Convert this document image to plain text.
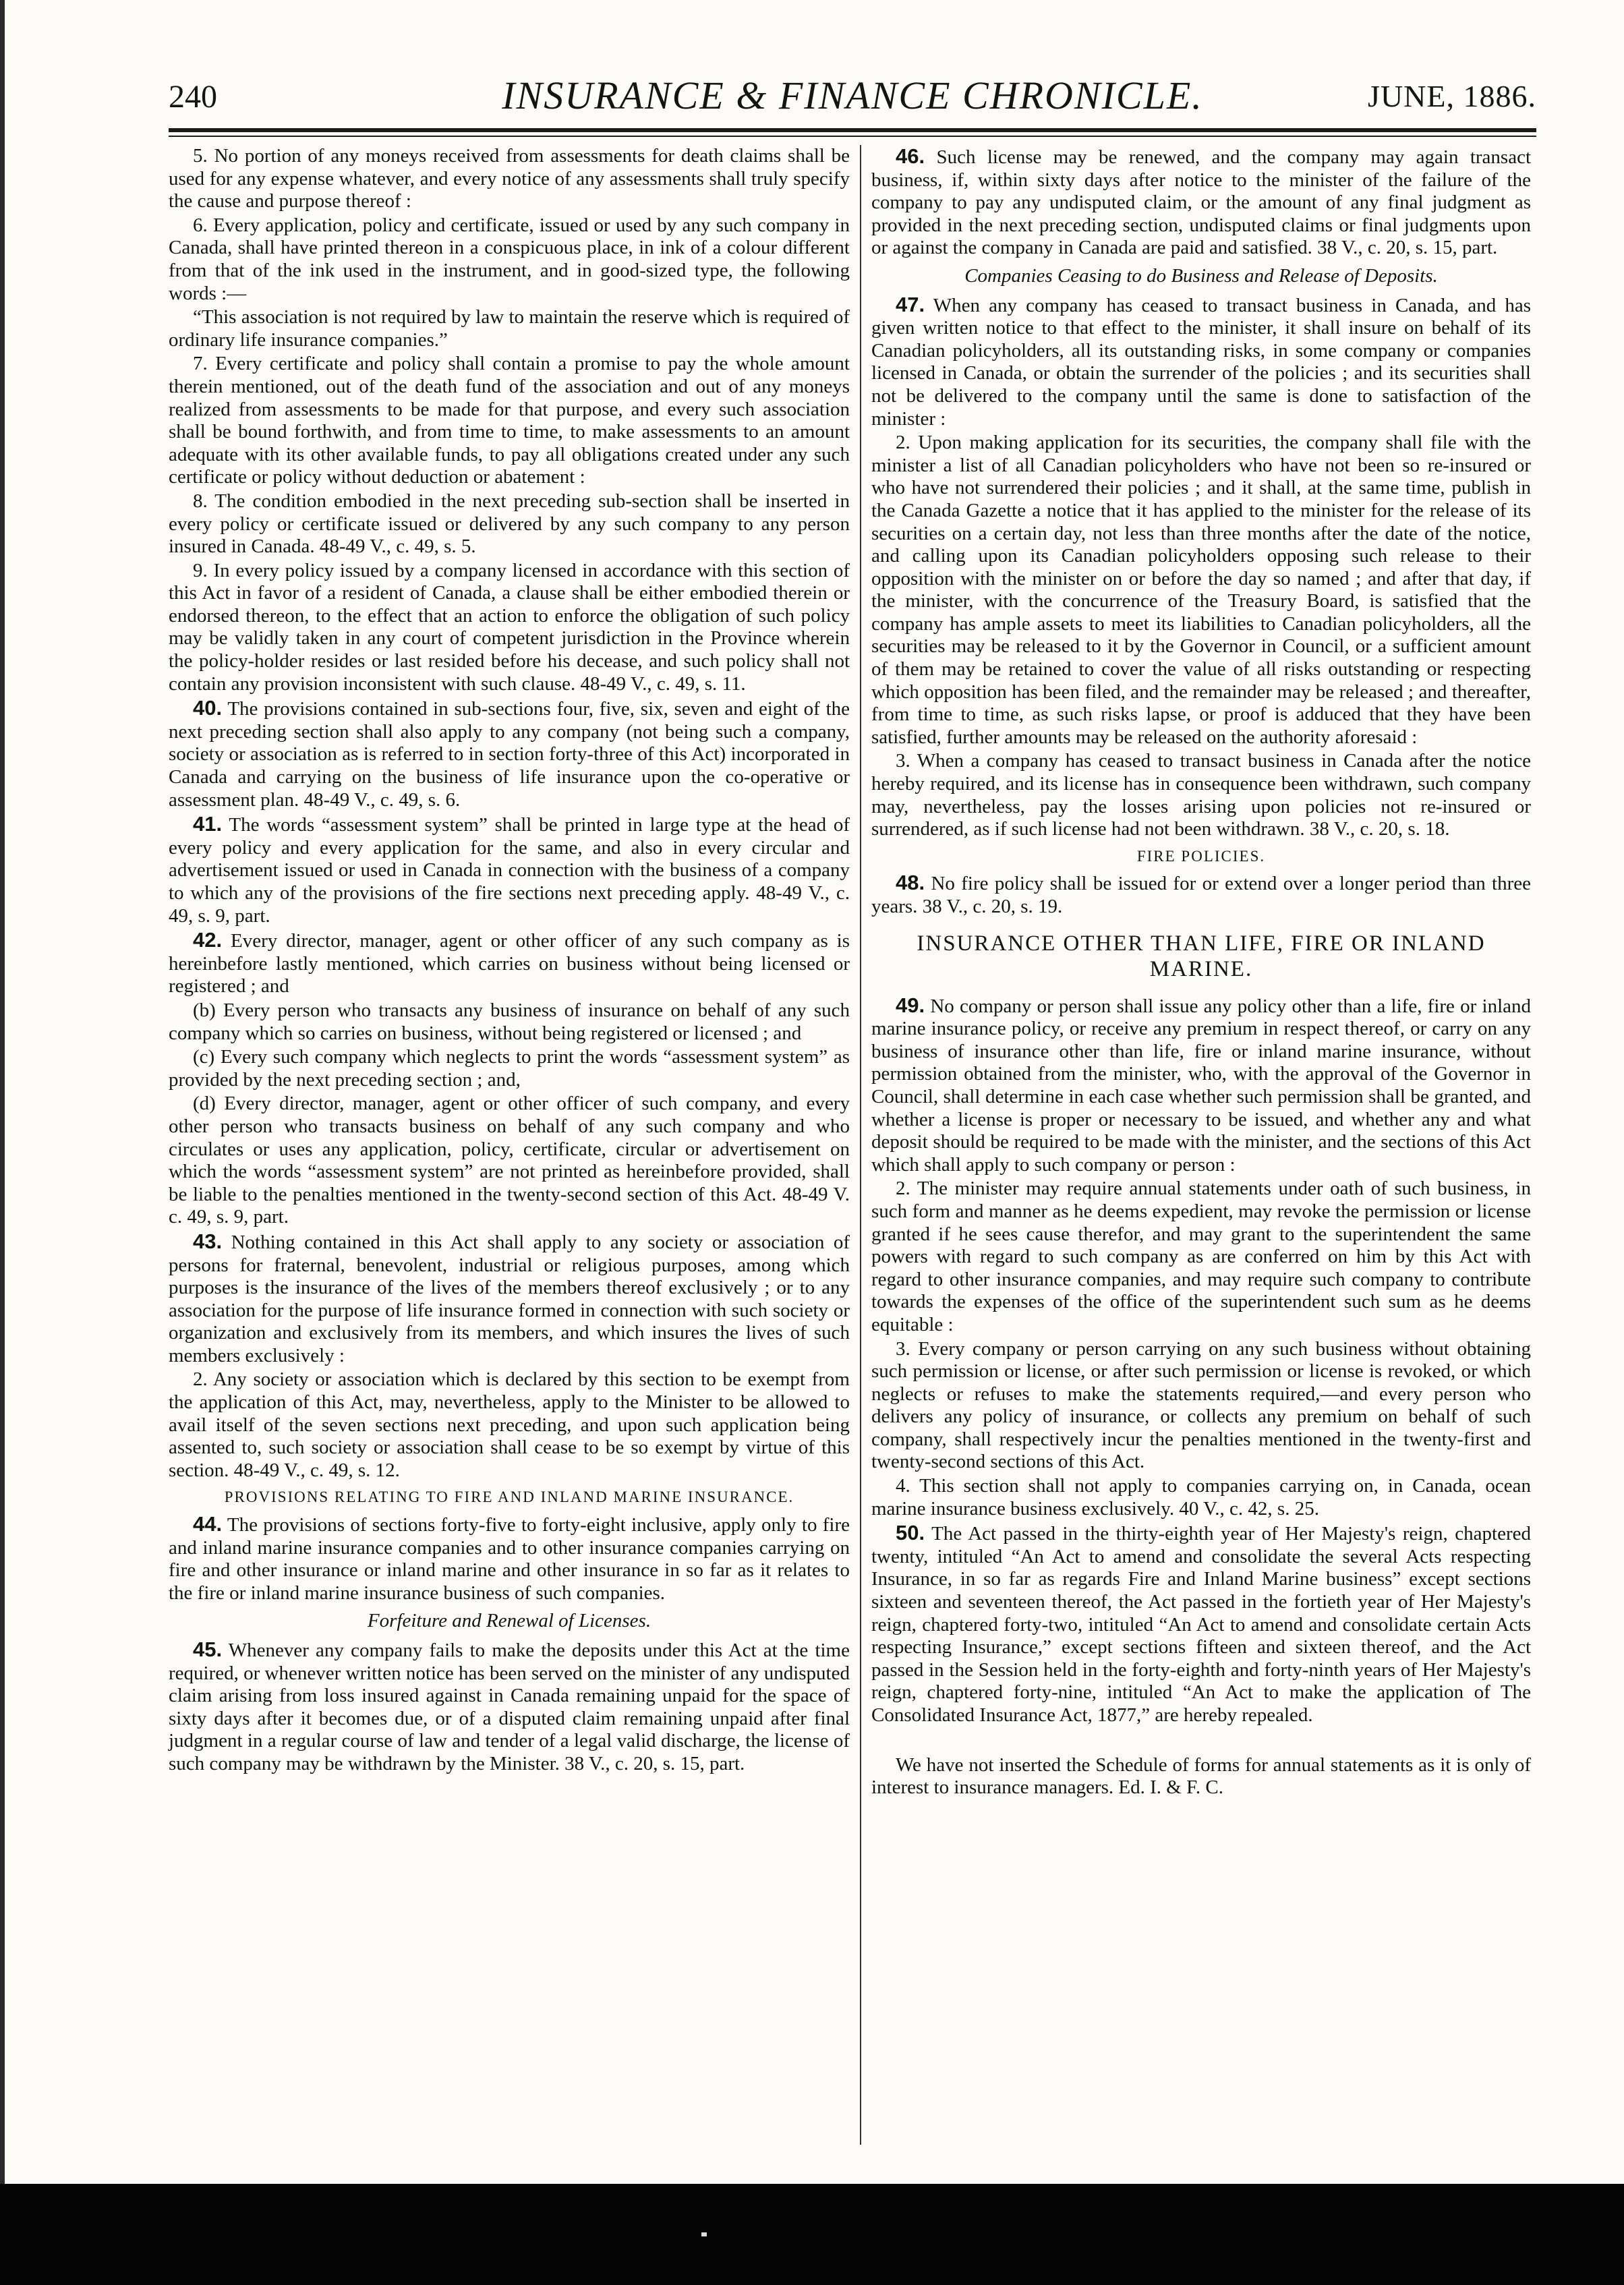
240	INSURANCE & FINANCE CHRONICLE.	JUNE, 1886.

5. No portion of any moneys received from assessments for death claims shall be used for any expense whatever, and every notice of any assessments shall truly specify the cause and purpose thereof :

6. Every application, policy and certificate, issued or used by any such company in Canada, shall have printed thereon in a conspicuous place, in ink of a colour different from that of the ink used in the instrument, and in good-sized type, the following words :—

“This association is not required by law to maintain the reserve which is required of ordinary life insurance companies.”

7. Every certificate and policy shall contain a promise to pay the whole amount therein mentioned, out of the death fund of the association and out of any moneys realized from assessments to be made for that purpose, and every such association shall be bound forthwith, and from time to time, to make assessments to an amount adequate with its other available funds, to pay all obligations created under any such certificate or policy without deduction or abatement :

8. The condition embodied in the next preceding sub-section shall be inserted in every policy or certificate issued or delivered by any such company to any person insured in Canada. 48-49 V., c. 49, s. 5.

9. In every policy issued by a company licensed in accordance with this section of this Act in favor of a resident of Canada, a clause shall be either embodied therein or endorsed thereon, to the effect that an action to enforce the obligation of such policy may be validly taken in any court of competent jurisdiction in the Province wherein the policy-holder resides or last resided before his decease, and such policy shall not contain any provision inconsistent with such clause. 48-49 V., c. 49, s. 11.

40. The provisions contained in sub-sections four, five, six, seven and eight of the next preceding section shall also apply to any company (not being such a company, society or association as is referred to in section forty-three of this Act) incorporated in Canada and carrying on the business of life insurance upon the co-operative or assessment plan. 48-49 V., c. 49, s. 6.

41. The words “assessment system” shall be printed in large type at the head of every policy and every application for the same, and also in every circular and advertisement issued or used in Canada in connection with the business of a company to which any of the provisions of the fire sections next preceding apply. 48-49 V., c. 49, s. 9, part.

42. Every director, manager, agent or other officer of any such company as is hereinbefore lastly mentioned, which carries on business without being licensed or registered ; and

(b) Every person who transacts any business of insurance on behalf of any such company which so carries on business, without being registered or licensed ; and

(c) Every such company which neglects to print the words “assessment system” as provided by the next preceding section ; and,

(d) Every director, manager, agent or other officer of such company, and every other person who transacts business on behalf of any such company and who circulates or uses any application, policy, certificate, circular or advertisement on which the words “assessment system” are not printed as hereinbefore provided, shall be liable to the penalties mentioned in the twenty-second section of this Act. 48-49 V. c. 49, s. 9, part.

43. Nothing contained in this Act shall apply to any society or association of persons for fraternal, benevolent, industrial or religious purposes, among which purposes is the insurance of the lives of the members thereof exclusively ; or to any association for the purpose of life insurance formed in connection with such society or organization and exclusively from its members, and which insures the lives of such members exclusively :

2. Any society or association which is declared by this section to be exempt from the application of this Act, may, nevertheless, apply to the Minister to be allowed to avail itself of the seven sections next preceding, and upon such application being assented to, such society or association shall cease to be so exempt by virtue of this section. 48-49 V., c. 49, s. 12.

PROVISIONS RELATING TO FIRE AND INLAND MARINE INSURANCE.

44. The provisions of sections forty-five to forty-eight inclusive, apply only to fire and inland marine insurance companies and to other insurance companies carrying on fire and other insurance or inland marine and other insurance in so far as it relates to the fire or inland marine insurance business of such companies.

Forfeiture and Renewal of Licenses.

45. Whenever any company fails to make the deposits under this Act at the time required, or whenever written notice has been served on the minister of any undisputed claim arising from loss insured against in Canada remaining unpaid for the space of sixty days after it becomes due, or of a disputed claim remaining unpaid after final judgment in a regular course of law and tender of a legal valid discharge, the license of such company may be withdrawn by the Minister. 38 V., c. 20, s. 15, part.

46. Such license may be renewed, and the company may again transact business, if, within sixty days after notice to the minister of the failure of the company to pay any undisputed claim, or the amount of any final judgment as provided in the next preceding section, undisputed claims or final judgments upon or against the company in Canada are paid and satisfied. 38 V., c. 20, s. 15, part.

Companies Ceasing to do Business and Release of Deposits.

47. When any company has ceased to transact business in Canada, and has given written notice to that effect to the minister, it shall insure on behalf of its Canadian policyholders, all its outstanding risks, in some company or companies licensed in Canada, or obtain the surrender of the policies ; and its securities shall not be delivered to the company until the same is done to satisfaction of the minister :

2. Upon making application for its securities, the company shall file with the minister a list of all Canadian policyholders who have not been so re-insured or who have not surrendered their policies ; and it shall, at the same time, publish in the Canada Gazette a notice that it has applied to the minister for the release of its securities on a certain day, not less than three months after the date of the notice, and calling upon its Canadian policyholders opposing such release to their opposition with the minister on or before the day so named ; and after that day, if the minister, with the concurrence of the Treasury Board, is satisfied that the company has ample assets to meet its liabilities to Canadian policyholders, all the securities may be released to it by the Governor in Council, or a sufficient amount of them may be retained to cover the value of all risks outstanding or respecting which opposition has been filed, and the remainder may be released ; and thereafter, from time to time, as such risks lapse, or proof is adduced that they have been satisfied, further amounts may be released on the authority aforesaid :

3. When a company has ceased to transact business in Canada after the notice hereby required, and its license has in consequence been withdrawn, such company may, nevertheless, pay the losses arising upon policies not re-insured or surrendered, as if such license had not been withdrawn. 38 V., c. 20, s. 18.

FIRE POLICIES.

48. No fire policy shall be issued for or extend over a longer period than three years. 38 V., c. 20, s. 19.

INSURANCE OTHER THAN LIFE, FIRE OR INLAND MARINE.

49. No company or person shall issue any policy other than a life, fire or inland marine insurance policy, or receive any premium in respect thereof, or carry on any business of insurance other than life, fire or inland marine insurance, without permission obtained from the minister, who, with the approval of the Governor in Council, shall determine in each case whether such permission shall be granted, and whether a license is proper or necessary to be issued, and whether any and what deposit should be required to be made with the minister, and the sections of this Act which shall apply to such company or person :

2. The minister may require annual statements under oath of such business, in such form and manner as he deems expedient, may revoke the permission or license granted if he sees cause therefor, and may grant to the superintendent the same powers with regard to such company as are conferred on him by this Act with regard to other insurance companies, and may require such company to contribute towards the expenses of the office of the superintendent such sum as he deems equitable :

3. Every company or person carrying on any such business without obtaining such permission or license, or after such permission or license is revoked, or which neglects or refuses to make the statements required,—and every person who delivers any policy of insurance, or collects any premium on behalf of such company, shall respectively incur the penalties mentioned in the twenty-first and twenty-second sections of this Act.

4. This section shall not apply to companies carrying on, in Canada, ocean marine insurance business exclusively. 40 V., c. 42, s. 25.

50. The Act passed in the thirty-eighth year of Her Majesty's reign, chaptered twenty, intituled “An Act to amend and consolidate the several Acts respecting Insurance, in so far as regards Fire and Inland Marine business” except sections sixteen and seventeen thereof, the Act passed in the fortieth year of Her Majesty's reign, chaptered forty-two, intituled “An Act to amend and consolidate certain Acts respecting Insurance,” except sections fifteen and sixteen thereof, and the Act passed in the Session held in the forty-eighth and forty-ninth years of Her Majesty's reign, chaptered forty-nine, intituled “An Act to make the application of The Consolidated Insurance Act, 1877,” are hereby repealed.

We have not inserted the Schedule of forms for annual statements as it is only of interest to insurance managers. Ed. I. & F. C.
